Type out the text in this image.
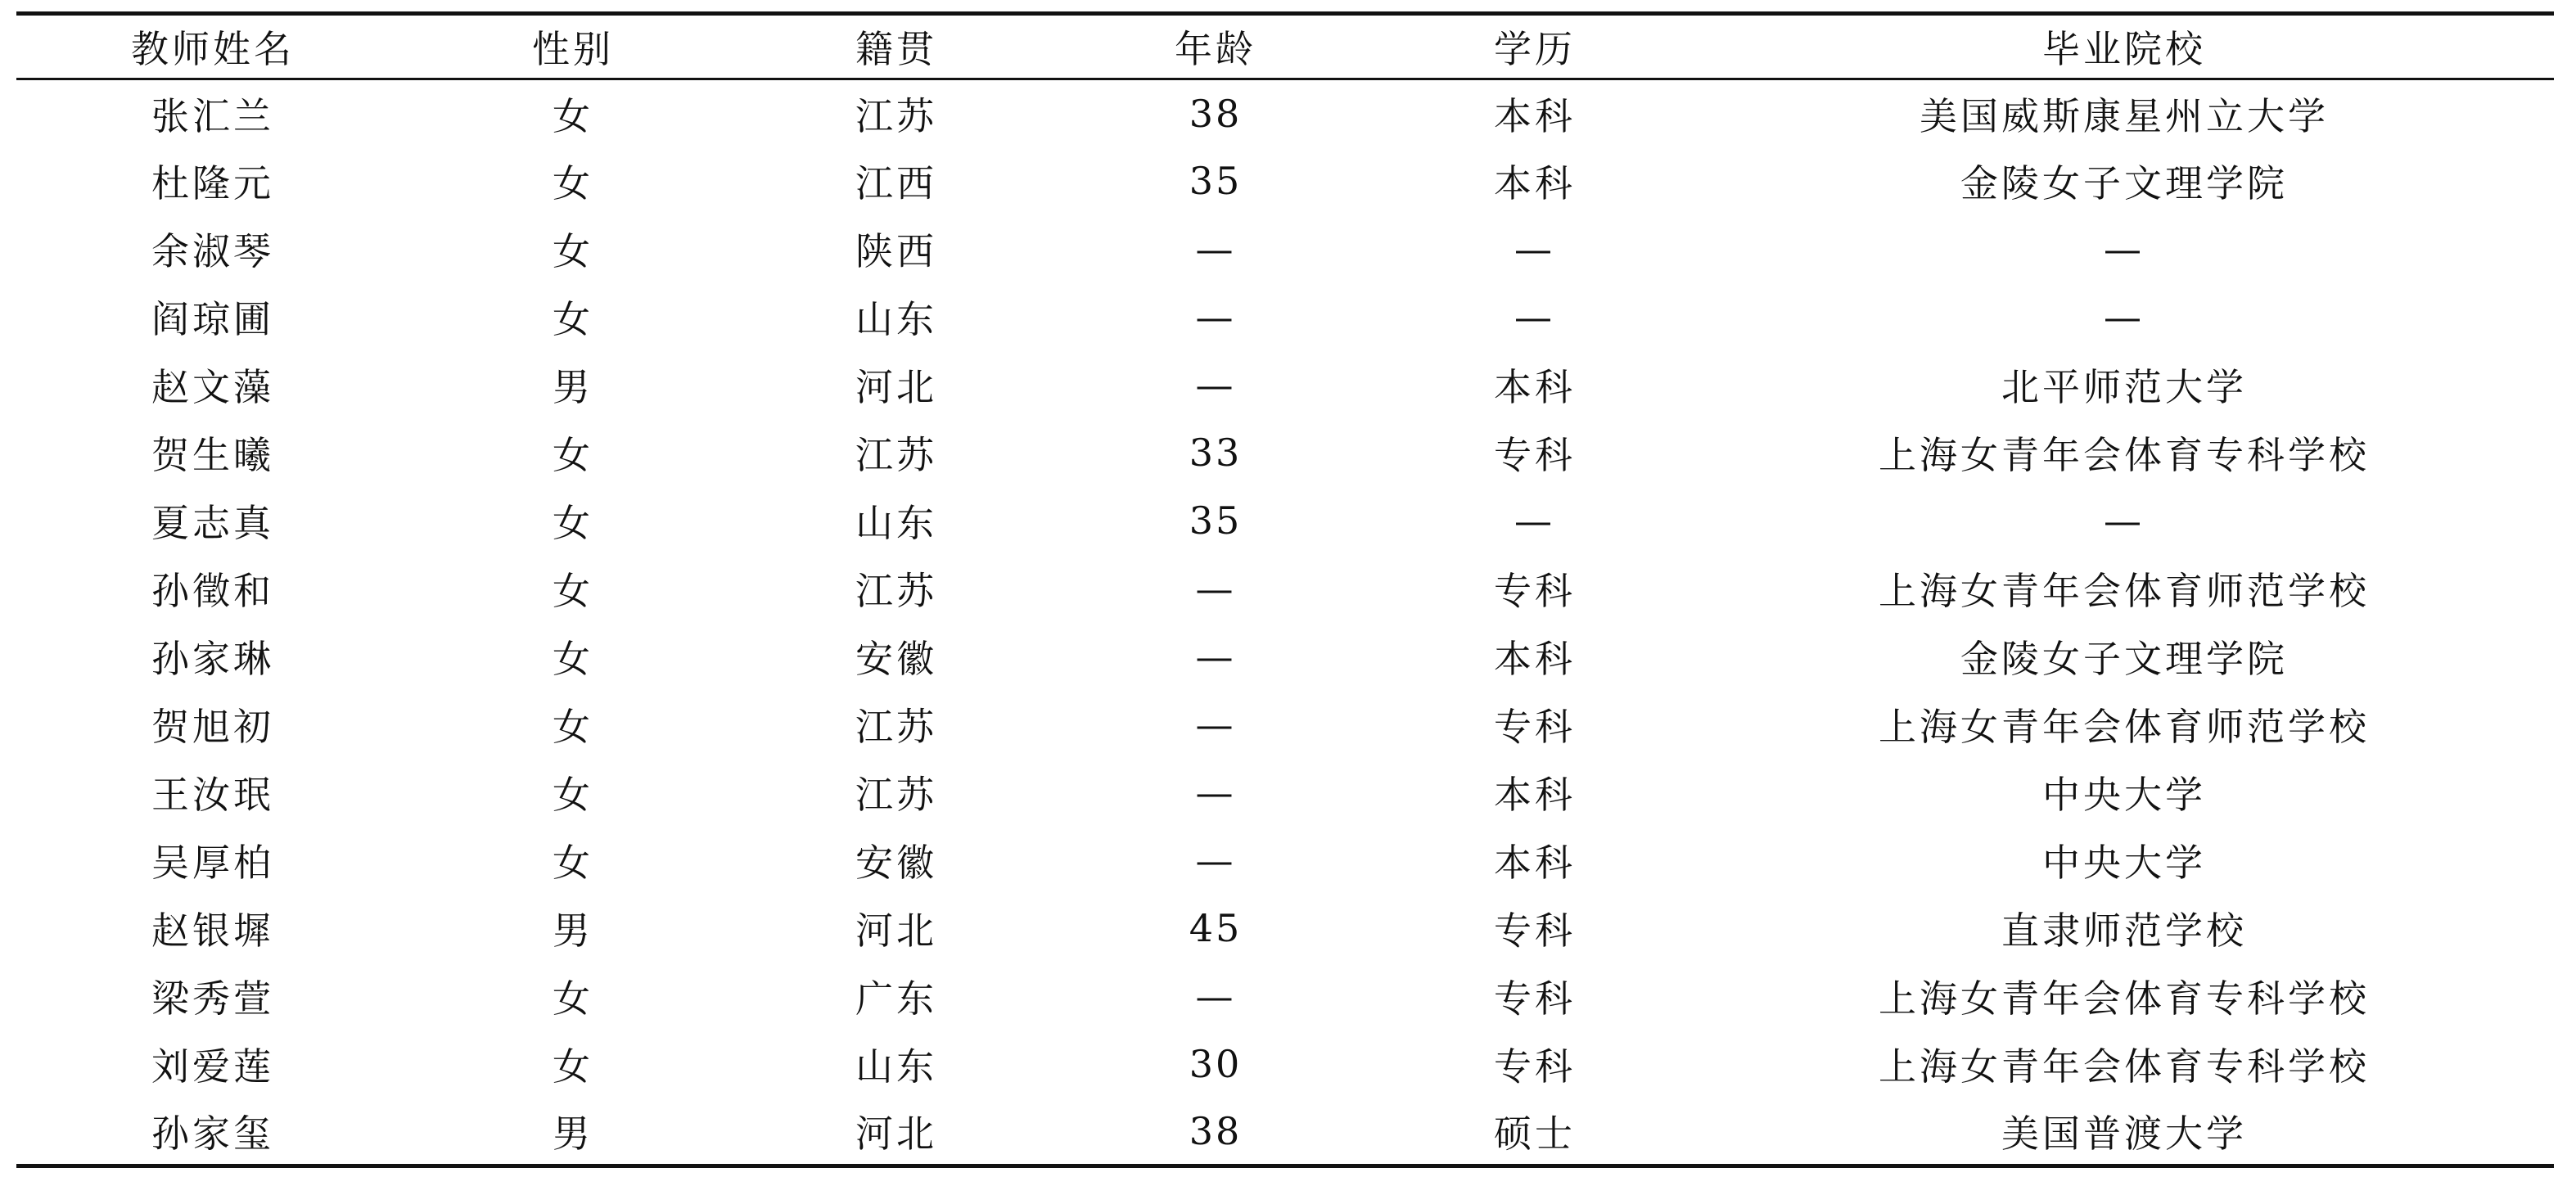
教师姓名	性别	籍贯	年龄	学历	毕业院校
张汇兰	女	江苏	38	本科	美国威斯康星州立大学
杜隆元	女	江西	35	本科	金陵女子文理学院
余淑琴	女	陕西	—	—	—
阎琼圃	女	山东	—	—	—
赵文藻	男	河北	—	本科	北平师范大学
贺生曦	女	江苏	33	专科	上海女青年会体育专科学校
夏志真	女	山东	35	—	—
孙徵和	女	江苏	—	专科	上海女青年会体育师范学校
孙家琳	女	安徽	—	本科	金陵女子文理学院
贺旭初	女	江苏	—	专科	上海女青年会体育师范学校
王汝珉	女	江苏	—	本科	中央大学
吴厚柏	女	安徽	—	本科	中央大学
赵银墀	男	河北	45	专科	直隶师范学校
梁秀萱	女	广东	—	专科	上海女青年会体育专科学校
刘爱莲	女	山东	30	专科	上海女青年会体育专科学校
孙家玺	男	河北	38	硕士	美国普渡大学
